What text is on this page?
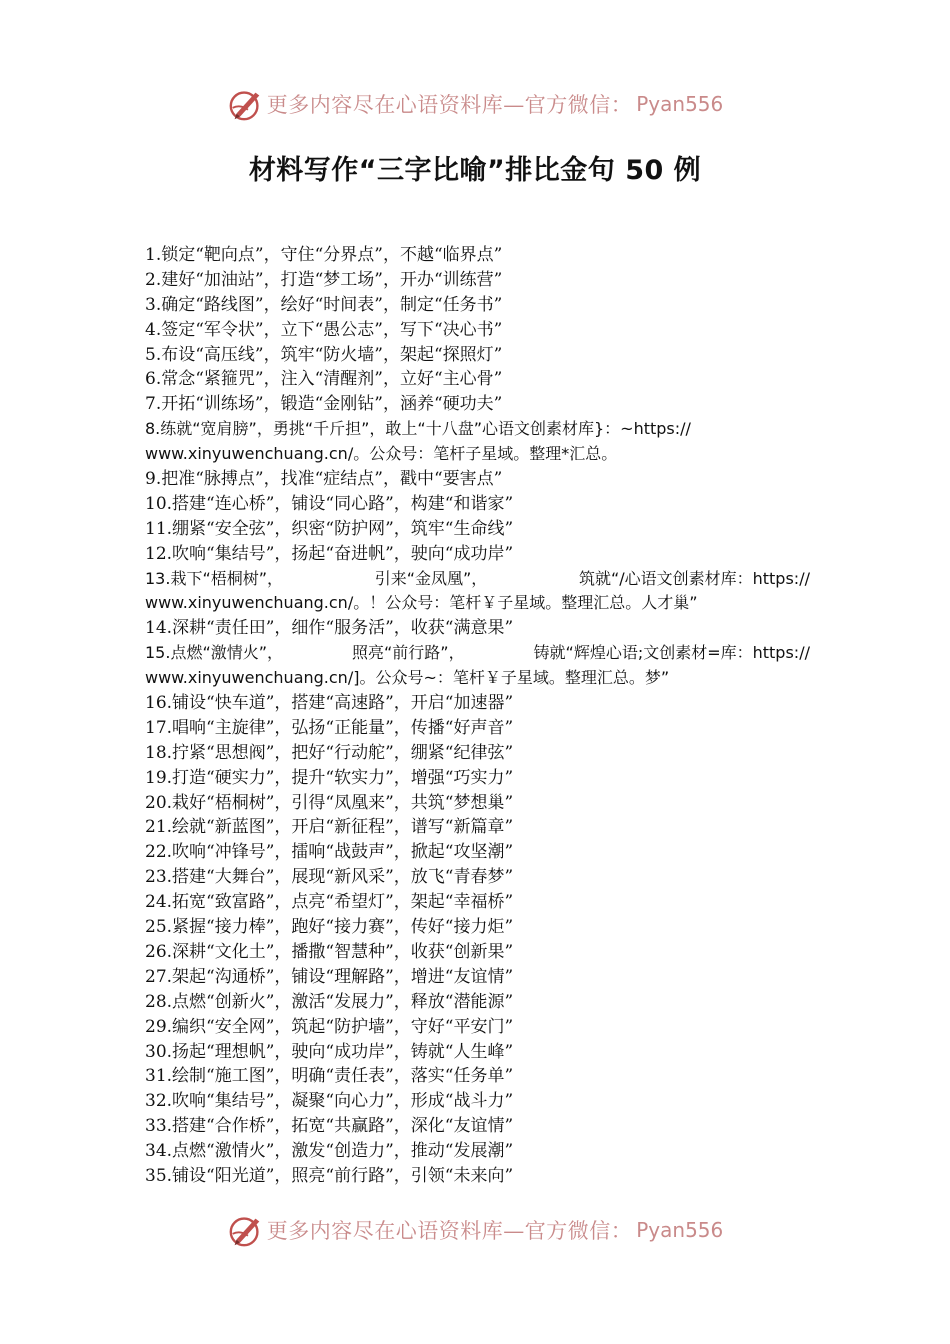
更多内容尽在心语资料库—官方微信： Pyan556
材料写作“三字比喻”排比金句 50 例
1.锁定“靶向点”，守住“分界点”，不越“临界点”
2.建好“加油站”，打造“梦工场”，开办“训练营”
3.确定“路线图”，绘好“时间表”，制定“任务书”
4.签定“军令状”，立下“愚公志”，写下“决心书”
5.布设“高压线”，筑牢“防火墙”，架起“探照灯”
6.常念“紧箍咒”，注入“清醒剂”，立好“主心骨”
7.开拓“训练场”，锻造“金刚钻”，涵养“硬功夫”
8.练就“宽肩膀”，勇挑“千斤担”，敢上“十八盘”心语文创素材库}：~https://
www.xinyuwenchuang.cn/。公众号：笔杆子星域。整理*汇总。
9.把准“脉搏点”，找准“症结点”，戳中“要害点”
10.搭建“连心桥”，铺设“同心路”，构建“和谐家”
11.绷紧“安全弦”，织密“防护网”，筑牢“生命线”
12.吹响“集结号”，扬起“奋进帆”，驶向“成功岸”
13.栽下“梧桐树”，	引来“金凤凰”，	筑就“/心语文创素材库：https://
www.xinyuwenchuang.cn/。！公众号：笔杆￥子星域。整理汇总。人才巢”
14.深耕“责任田”，细作“服务活”，收获“满意果”
15.点燃“激情火”，	照亮“前行路”，	铸就“辉煌心语;文创素材=库：https://
www.xinyuwenchuang.cn/]。公众号~：笔杆￥子星域。整理汇总。梦”
16.铺设“快车道”，搭建“高速路”，开启“加速器”
17.唱响“主旋律”，弘扬“正能量”，传播“好声音”
18.拧紧“思想阀”，把好“行动舵”，绷紧“纪律弦”
19.打造“硬实力”，提升“软实力”，增强“巧实力”
20.栽好“梧桐树”，引得“凤凰来”，共筑“梦想巢”
21.绘就“新蓝图”，开启“新征程”，谱写“新篇章”
22.吹响“冲锋号”，擂响“战鼓声”，掀起“攻坚潮”
23.搭建“大舞台”，展现“新风采”，放飞“青春梦”
24.拓宽“致富路”，点亮“希望灯”，架起“幸福桥”
25.紧握“接力棒”，跑好“接力赛”，传好“接力炬”
26.深耕“文化土”，播撒“智慧种”，收获“创新果”
27.架起“沟通桥”，铺设“理解路”，增进“友谊情”
28.点燃“创新火”，激活“发展力”，释放“潜能源”
29.编织“安全网”，筑起“防护墙”，守好“平安门”
30.扬起“理想帆”，驶向“成功岸”，铸就“人生峰”
31.绘制“施工图”，明确“责任表”，落实“任务单”
32.吹响“集结号”，凝聚“向心力”，形成“战斗力”
33.搭建“合作桥”，拓宽“共赢路”，深化“友谊情”
34.点燃“激情火”，激发“创造力”，推动“发展潮”
35.铺设“阳光道”，照亮“前行路”，引领“未来向”
更多内容尽在心语资料库—官方微信： Pyan556
